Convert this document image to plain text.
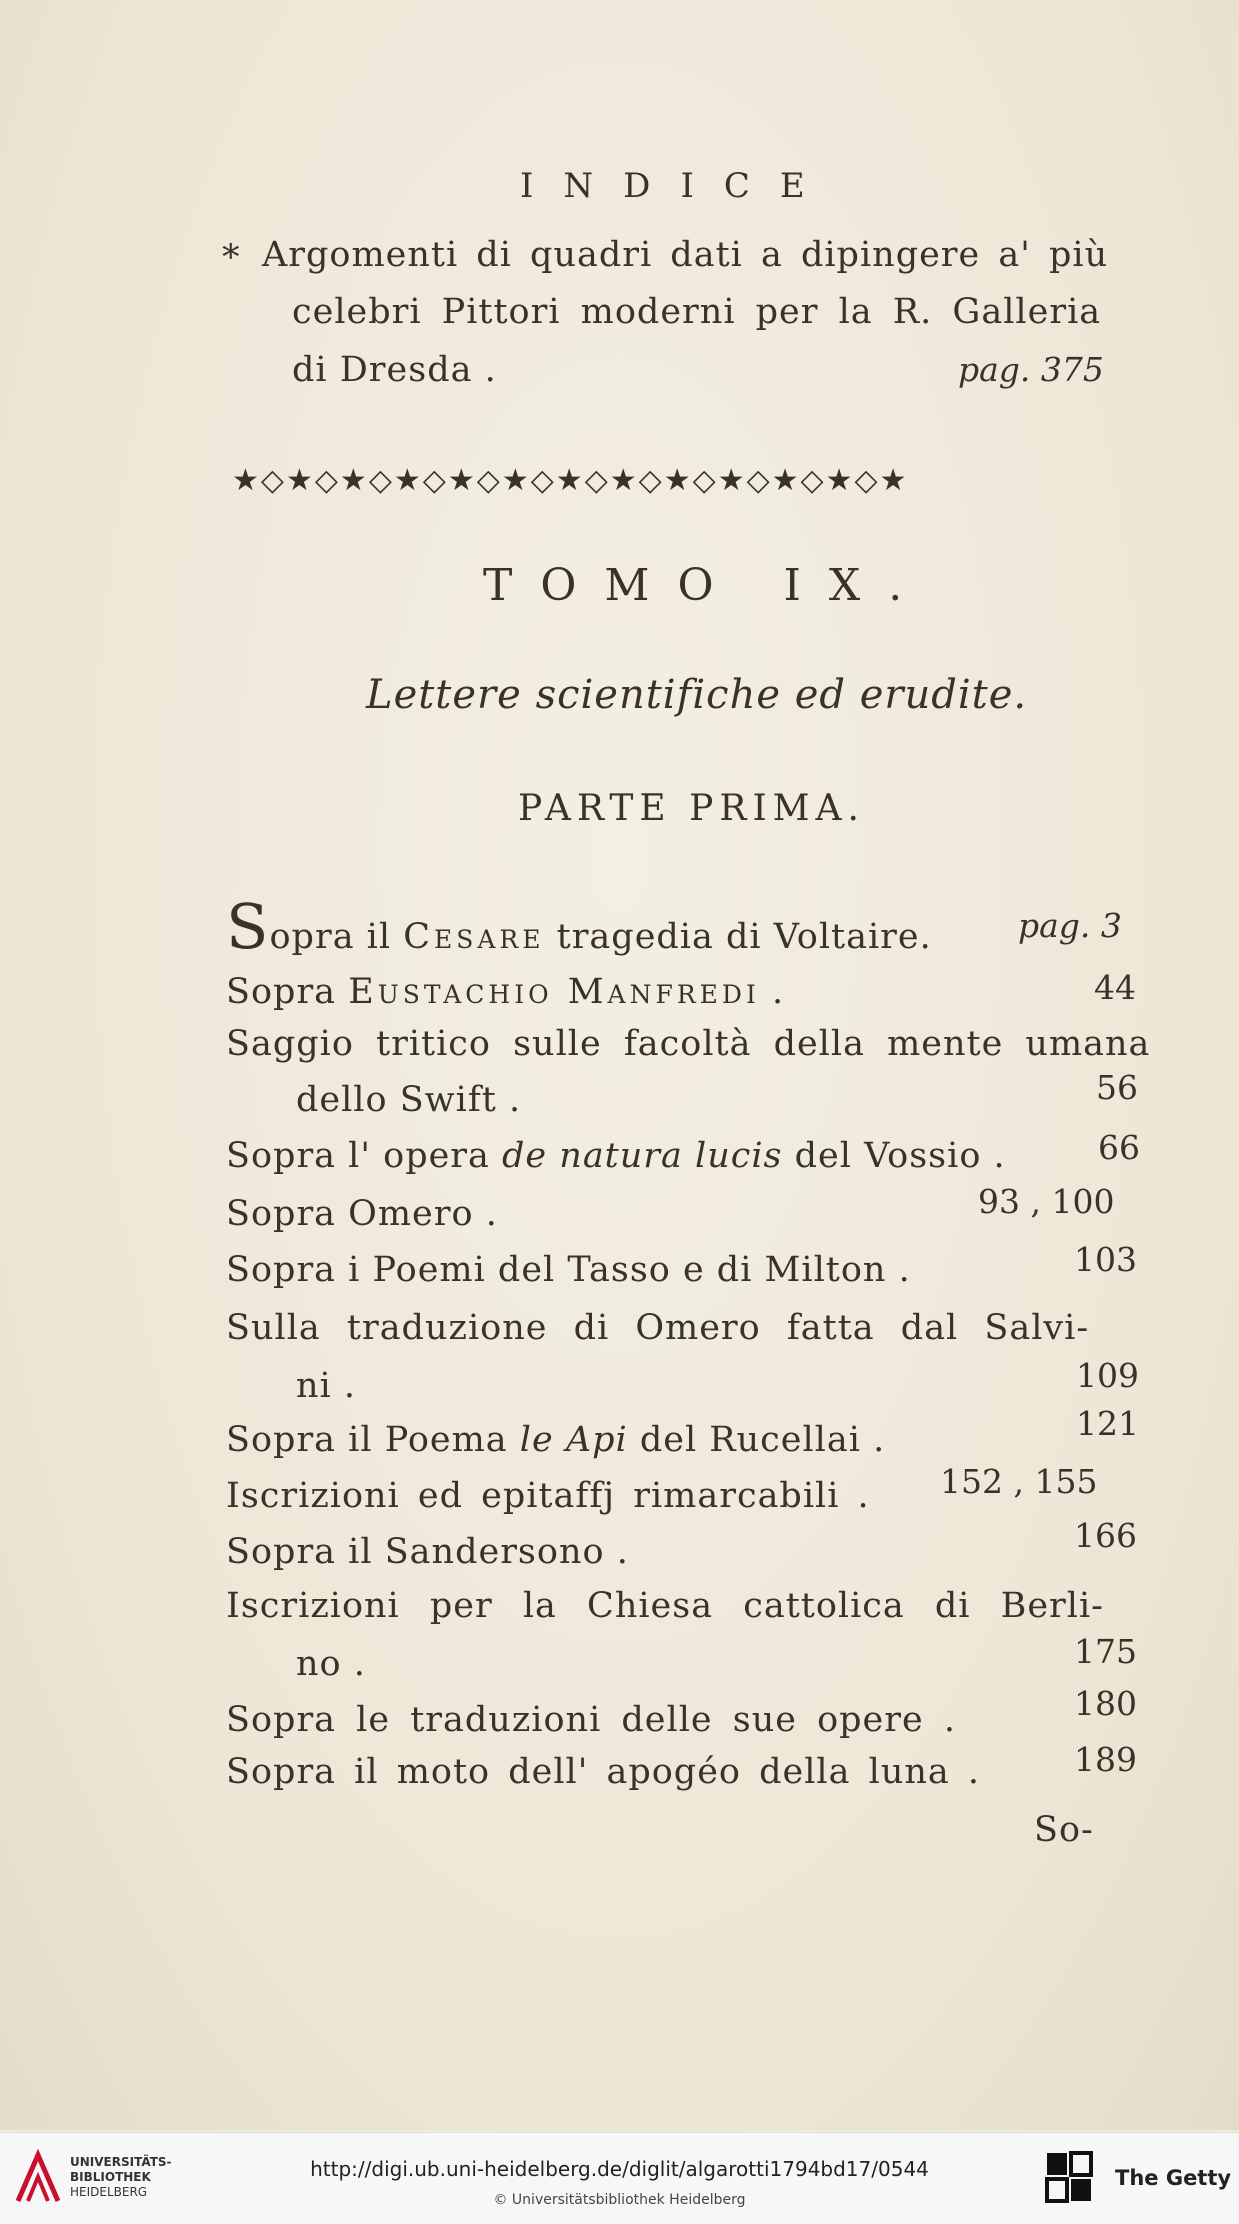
INDICE
* Argomenti di quadri dati a dipingere a' più
celebri Pittori moderni per la R. Galleria
di Dresda .	pag. 375
★◇★◇★◇★◇★◇★◇★◇★◇★◇★◇★◇★◇★
TOMO IX.
Lettere scientifiche ed erudite.
PARTE PRIMA.
Sopra il Cesare tragedia di Voltaire.	pag. 3
Sopra Eustachio Manfredi .	44
Saggio tritico sulle facoltà della mente umana
dello Swift .	56
Sopra l' opera de natura lucis del Vossio .	66
Sopra Omero .	93 , 100
Sopra i Poemi del Tasso e di Milton .	103
Sulla traduzione di Omero fatta dal Salvi-
ni .	109
Sopra il Poema le Api del Rucellai .	121
Iscrizioni ed epitaffj rimarcabili . 152 , 155
Sopra il Sandersono .	166
Iscrizioni per la Chiesa cattolica di Berli-
no .	175
Sopra le traduzioni delle sue opere .	180
Sopra il moto dell' apogéo della luna .	189
So-
UNIVERSITÄTS-
BIBLIOTHEK
HEIDELBERG
http://digi.ub.uni-heidelberg.de/diglit/algarotti1794bd17/0544
© Universitätsbibliothek Heidelberg
The Getty
